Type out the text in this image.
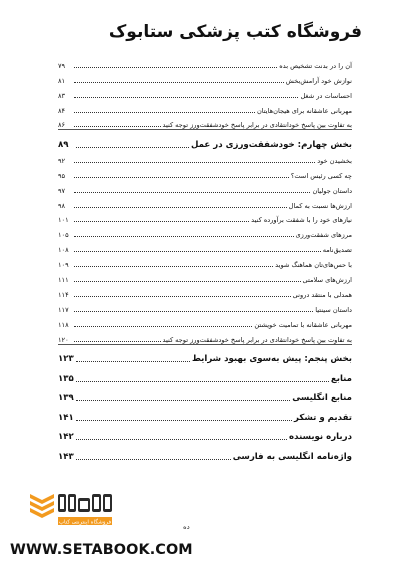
فروشگاه کتب پزشکی ستابوک
آن را در بدنت تشخیص بده
۷۹
نوازش خود آرامش‌بخش
۸۱
احساسات در شغل
۸۳
مهربانی عاشقانه برای هیجان‌هایتان
۸۴
به تفاوت بین پاسخ خودانتقادی در برابر پاسخ خودشفقت‌ورز توجه کنید
۸۶
بخش چهارم: خودشفقت‌ورزی در عمل
۸۹
بخشیدن خود
۹۲
چه کسی رئیس است؟
۹۵
داستان جولیان
۹۷
ارزش‌ها نسبت به کمال
۹۸
نیازهای خود را با شفقت برآورده کنید
۱۰۱
مرزهای شفقت‌ورزی
۱۰۵
تصدیق‌نامه
۱۰۸
با حس‌های‌تان هماهنگ شوید
۱۰۹
ارزش‌های سلامتی
۱۱۱
همدلی با منتقد درونی
۱۱۴
داستان سینتیا
۱۱۷
مهربانی عاشقانه با تمامیت خویشتن
۱۱۸
به تفاوت بین پاسخ خودانتقادی در برابر پاسخ خودشفقت‌ورز توجه کنید
۱۲۰
بخش پنجم: پیش به‌سوی بهبود شرایط
۱۲۳
منابع
۱۳۵
منابع انگلیسی
۱۳۹
تقدیم و تشکر
۱۴۱
درباره نویسنده
۱۴۲
واژه‌نامه انگلیسی به فارسی
۱۴۳
ده
فروشگاه اینترنتی کتاب
WWW.SETABOOK.COM
